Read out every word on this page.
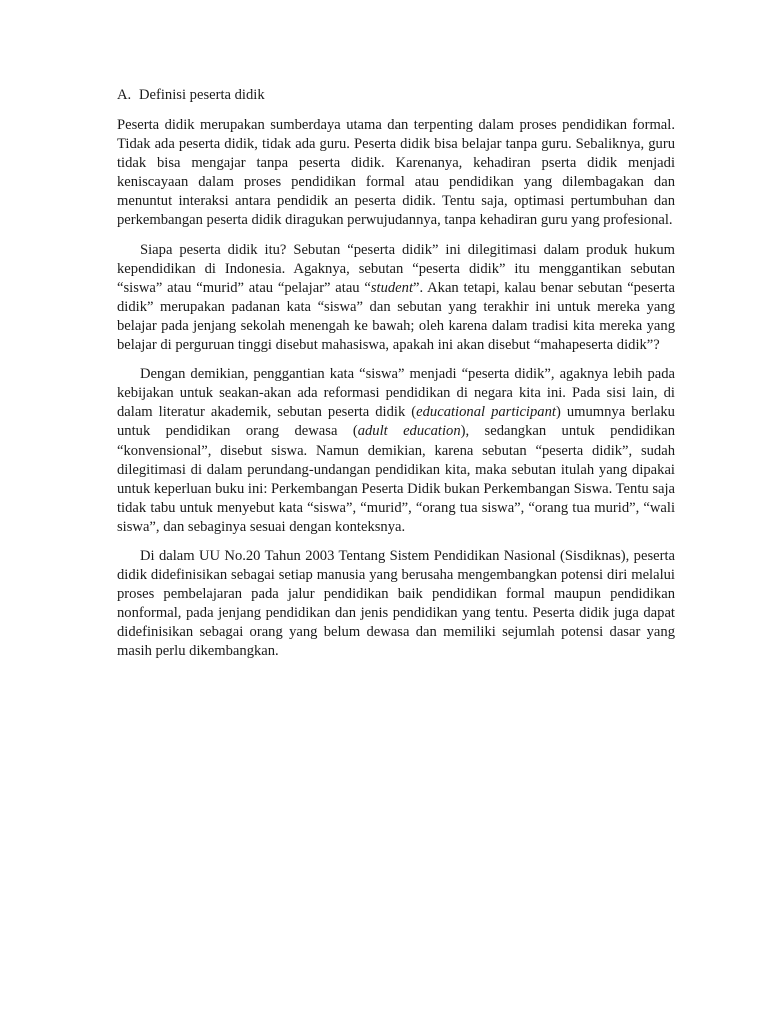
A. Definisi peserta didik

Peserta didik merupakan sumberdaya utama dan terpenting dalam proses pendidikan formal. Tidak ada peserta didik, tidak ada guru. Peserta didik bisa belajar tanpa guru. Sebaliknya, guru tidak bisa mengajar tanpa peserta didik. Karenanya, kehadiran pserta didik menjadi keniscayaan dalam proses pendidikan formal atau pendidikan yang dilembagakan dan menuntut interaksi antara pendidik an peserta didik. Tentu saja, optimasi pertumbuhan dan perkembangan peserta didik diragukan perwujudannya, tanpa kehadiran guru yang profesional.

Siapa peserta didik itu? Sebutan “peserta didik” ini dilegitimasi dalam produk hukum kependidikan di Indonesia. Agaknya, sebutan “peserta didik” itu menggantikan sebutan “siswa” atau “murid” atau “pelajar” atau “student”. Akan tetapi, kalau benar sebutan “peserta didik” merupakan padanan kata “siswa” dan sebutan yang terakhir ini untuk mereka yang belajar pada jenjang sekolah menengah ke bawah; oleh karena dalam tradisi kita mereka yang belajar di perguruan tinggi disebut mahasiswa, apakah ini akan disebut “mahapeserta didik”?

Dengan demikian, penggantian kata “siswa” menjadi “peserta didik”, agaknya lebih pada kebijakan untuk seakan-akan ada reformasi pendidikan di negara kita ini. Pada sisi lain, di dalam literatur akademik, sebutan peserta didik (educational participant) umumnya berlaku untuk pendidikan orang dewasa (adult education), sedangkan untuk pendidikan “konvensional”, disebut siswa. Namun demikian, karena sebutan “peserta didik”, sudah dilegitimasi di dalam perundang-undangan pendidikan kita, maka sebutan itulah yang dipakai untuk keperluan buku ini: Perkembangan Peserta Didik bukan Perkembangan Siswa. Tentu saja tidak tabu untuk menyebut kata “siswa”, “murid”, “orang tua siswa”, “orang tua murid”, “wali siswa”, dan sebaginya sesuai dengan konteksnya.

Di dalam UU No.20 Tahun 2003 Tentang Sistem Pendidikan Nasional (Sisdiknas), peserta didik didefinisikan sebagai setiap manusia yang berusaha mengembangkan potensi diri melalui proses pembelajaran pada jalur pendidikan baik pendidikan formal maupun pendidikan nonformal, pada jenjang pendidikan dan jenis pendidikan yang tentu. Peserta didik juga dapat didefinisikan sebagai orang yang belum dewasa dan memiliki sejumlah potensi dasar yang masih perlu dikembangkan.
